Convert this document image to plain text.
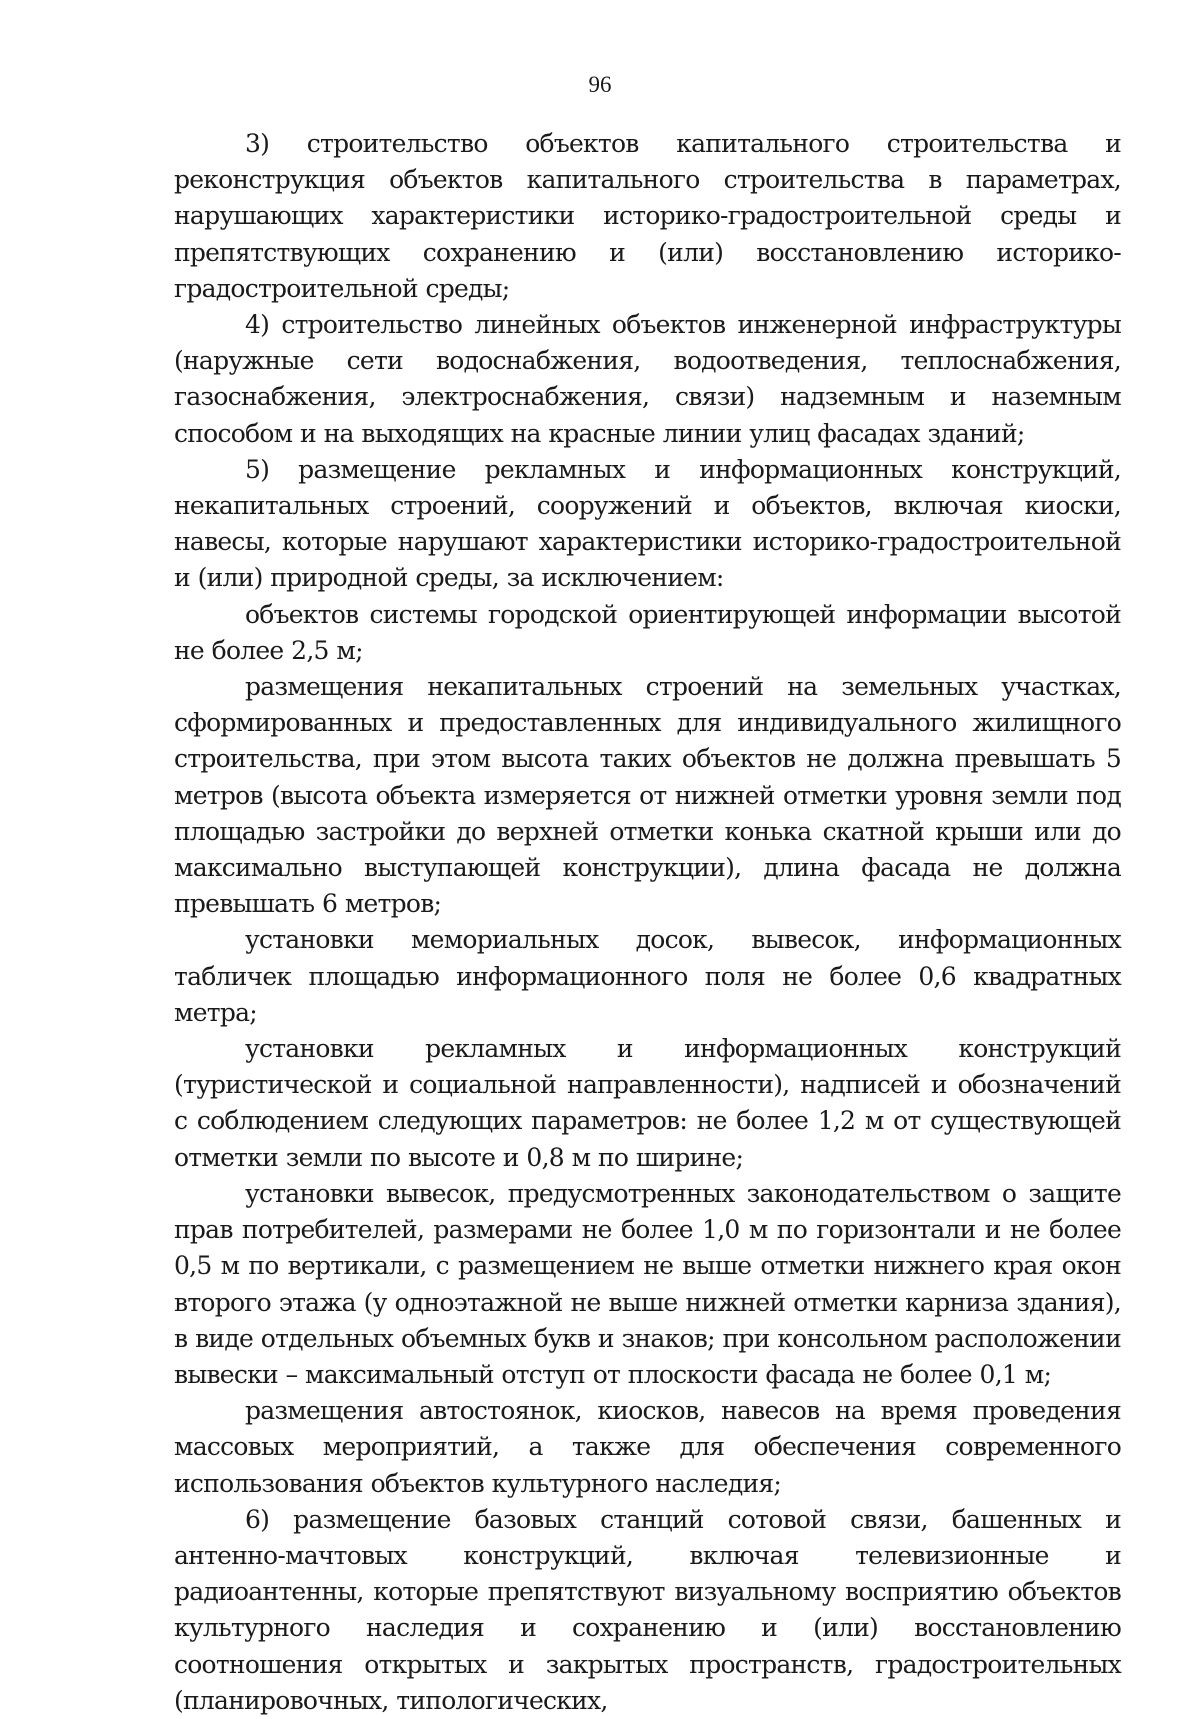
96

3) строительство объектов капитального строительства и реконструкция объектов капитального строительства в параметрах, нарушающих характеристики историко-градостроительной среды и препятствующих сохранению и (или) восстановлению историко-градостроительной среды;

4) строительство линейных объектов инженерной инфраструктуры (наружные сети водоснабжения, водоотведения, теплоснабжения, газоснабжения, электроснабжения, связи) надземным и наземным способом и на выходящих на красные линии улиц фасадах зданий;

5) размещение рекламных и информационных конструкций, некапитальных строений, сооружений и объектов, включая киоски, навесы, которые нарушают характеристики историко-градостроительной и (или) природной среды, за исключением:

объектов системы городской ориентирующей информации высотой не более 2,5 м;

размещения некапитальных строений на земельных участках, сформированных и предоставленных для индивидуального жилищного строительства, при этом высота таких объектов не должна превышать 5 метров (высота объекта измеряется от нижней отметки уровня земли под площадью застройки до верхней отметки конька скатной крыши или до максимально выступающей конструкции), длина фасада не должна превышать 6 метров;

установки мемориальных досок, вывесок, информационных табличек площадью информационного поля не более 0,6 квадратных метра;

установки рекламных и информационных конструкций (туристической и социальной направленности), надписей и обозначений с соблюдением следующих параметров: не более 1,2 м от существующей отметки земли по высоте и 0,8 м по ширине;

установки вывесок, предусмотренных законодательством о защите прав потребителей, размерами не более 1,0 м по горизонтали и не более 0,5 м по вертикали, с размещением не выше отметки нижнего края окон второго этажа (у одноэтажной не выше нижней отметки карниза здания), в виде отдельных объемных букв и знаков; при консольном расположении вывески – максимальный отступ от плоскости фасада не более 0,1 м;

размещения автостоянок, киосков, навесов на время проведения массовых мероприятий, а также для обеспечения современного использования объектов культурного наследия;

6) размещение базовых станций сотовой связи, башенных и антенно-мачтовых конструкций, включая телевизионные и радиоантенны, которые препятствуют визуальному восприятию объектов культурного наследия и сохранению и (или) восстановлению соотношения открытых и закрытых пространств, градостроительных (планировочных, типологических,
